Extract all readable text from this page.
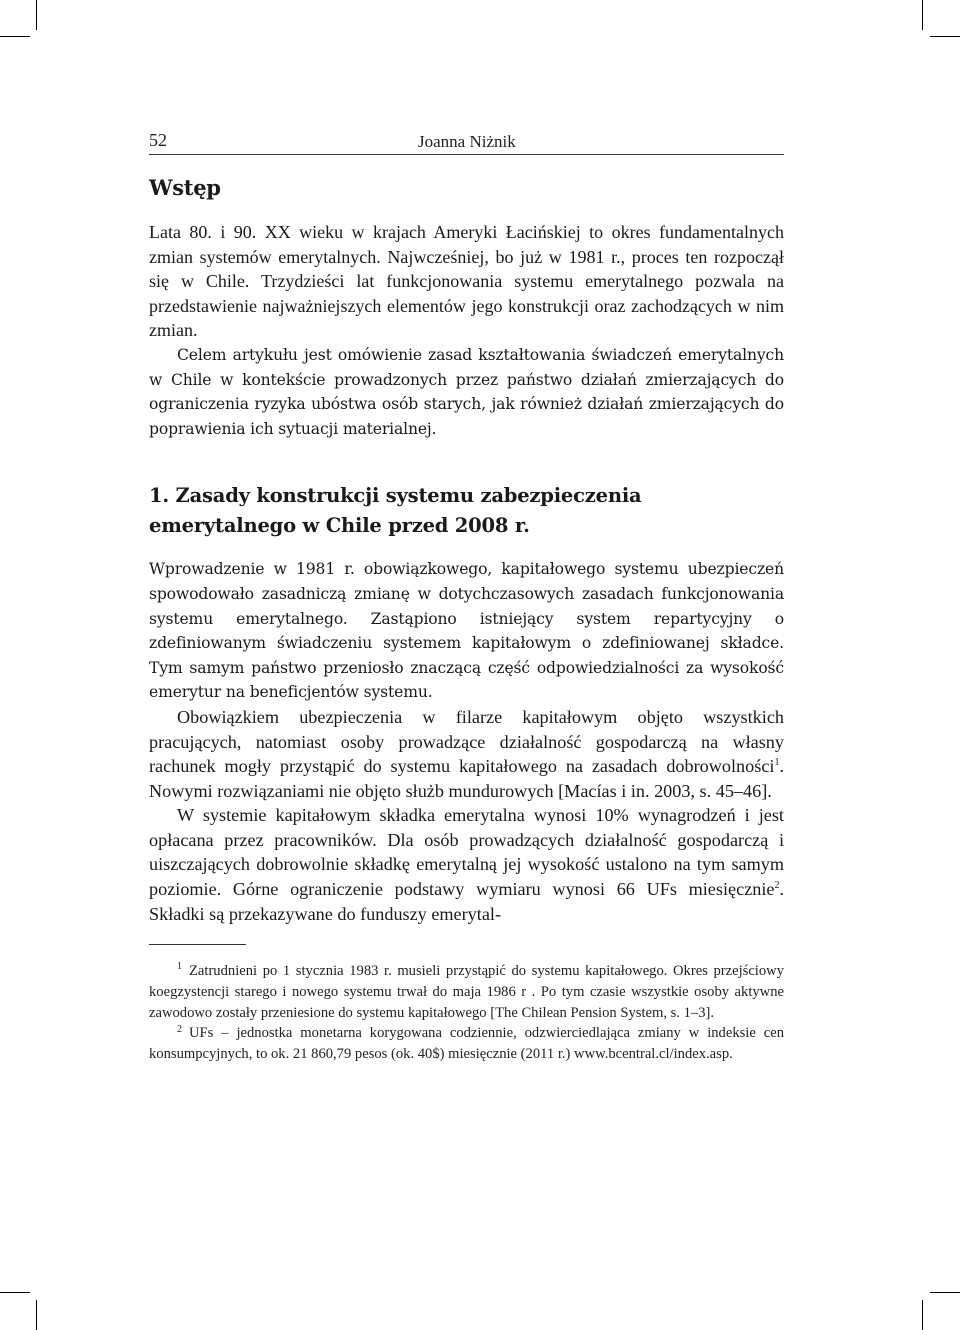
52	Joanna Niżnik
Wstęp

Lata 80. i 90. XX wieku w krajach Ameryki Łacińskiej to okres fundamentalnych zmian systemów emerytalnych. Najwcześniej, bo już w 1981 r., proces ten rozpoczął się w Chile. Trzydzieści lat funkcjonowania systemu emerytalnego pozwala na przedstawienie najważniejszych elementów jego konstrukcji oraz zachodzących w nim zmian.

Celem artykułu jest omówienie zasad kształtowania świadczeń emerytalnych w Chile w kontekście prowadzonych przez państwo działań zmierzających do ograniczenia ryzyka ubóstwa osób starych, jak również działań zmierzających do poprawienia ich sytuacji materialnej.

1. Zasady konstrukcji systemu zabezpieczenia emerytalnego w Chile przed 2008 r.

Wprowadzenie w 1981 r. obowiązkowego, kapitałowego systemu ubezpieczeń spowodowało zasadniczą zmianę w dotychczasowych zasadach funkcjonowania systemu emerytalnego. Zastąpiono istniejący system repartycyjny o zdefiniowanym świadczeniu systemem kapitałowym o zdefiniowanej składce. Tym samym państwo przeniosło znaczącą część odpowiedzialności za wysokość emerytur na beneficjentów systemu.

Obowiązkiem ubezpieczenia w filarze kapitałowym objęto wszystkich pracujących, natomiast osoby prowadzące działalność gospodarczą na własny rachunek mogły przystąpić do systemu kapitałowego na zasadach dobrowolności$^1$. Nowymi rozwiązaniami nie objęto służb mundurowych [Macías i in. 2003, s. 45–46].

W systemie kapitałowym składka emerytalna wynosi 10% wynagrodzeń i jest opłacana przez pracowników. Dla osób prowadzących działalność gospodarczą i uiszczających dobrowolnie składkę emerytalną jej wysokość ustalono na tym samym poziomie. Górne ograniczenie podstawy wymiaru wynosi 66 UFs miesięcznie$^2$. Składki są przekazywane do funduszy emerytal-

$^1$ Zatrudnieni po 1 stycznia 1983 r. musieli przystąpić do systemu kapitałowego. Okres przejściowy koegzystencji starego i nowego systemu trwał do maja 1986 r . Po tym czasie wszystkie osoby aktywne zawodowo zostały przeniesione do systemu kapitałowego [The Chilean Pension System, s. 1–3].

$^2$ UFs – jednostka monetarna korygowana codziennie, odzwierciedlająca zmiany w indeksie cen konsumpcyjnych, to ok. 21 860,79 pesos (ok. 40$) miesięcznie (2011 r.) www.bcentral.cl/index.asp.
